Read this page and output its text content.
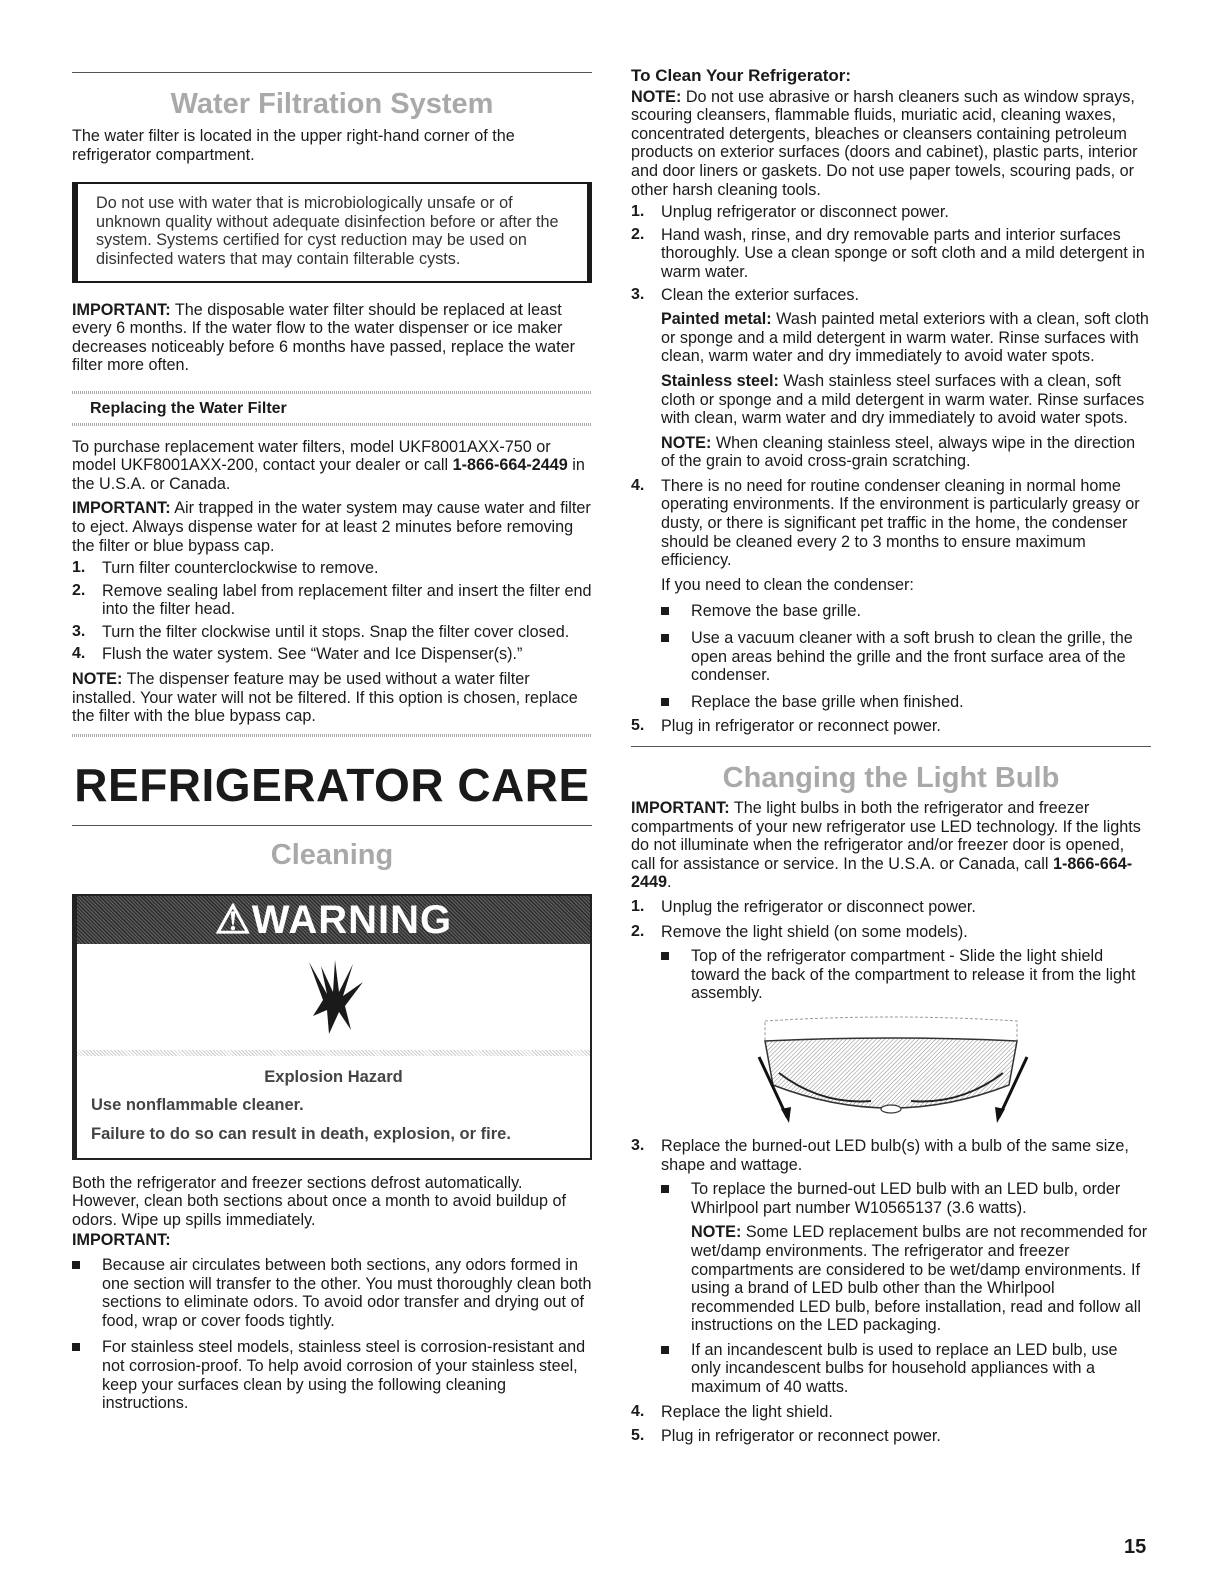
Water Filtration System

The water filter is located in the upper right-hand corner of the refrigerator compartment.

Do not use with water that is microbiologically unsafe or of unknown quality without adequate disinfection before or after the system. Systems certified for cyst reduction may be used on disinfected waters that may contain filterable cysts.

IMPORTANT: The disposable water filter should be replaced at least every 6 months. If the water flow to the water dispenser or ice maker decreases noticeably before 6 months have passed, replace the water filter more often.

Replacing the Water Filter

To purchase replacement water filters, model UKF8001AXX-750 or model UKF8001AXX-200, contact your dealer or call 1-866-664-2449 in the U.S.A. or Canada.

IMPORTANT: Air trapped in the water system may cause water and filter to eject. Always dispense water for at least 2 minutes before removing the filter or blue bypass cap.

1. Turn filter counterclockwise to remove.

2. Remove sealing label from replacement filter and insert the filter end into the filter head.

3. Turn the filter clockwise until it stops. Snap the filter cover closed.

4. Flush the water system. See “Water and Ice Dispenser(s).”

NOTE: The dispenser feature may be used without a water filter installed. Your water will not be filtered. If this option is chosen, replace the filter with the blue bypass cap.

REFRIGERATOR CARE
Cleaning
⚠WARNING

Explosion Hazard

Use nonflammable cleaner.

Failure to do so can result in death, explosion, or fire.

Both the refrigerator and freezer sections defrost automatically. However, clean both sections about once a month to avoid buildup of odors. Wipe up spills immediately.

IMPORTANT:

Because air circulates between both sections, any odors formed in one section will transfer to the other. You must thoroughly clean both sections to eliminate odors. To avoid odor transfer and drying out of food, wrap or cover foods tightly.

For stainless steel models, stainless steel is corrosion-resistant and not corrosion-proof. To help avoid corrosion of your stainless steel, keep your surfaces clean by using the following cleaning instructions.

To Clean Your Refrigerator:

NOTE: Do not use abrasive or harsh cleaners such as window sprays, scouring cleansers, flammable fluids, muriatic acid, cleaning waxes, concentrated detergents, bleaches or cleansers containing petroleum products on exterior surfaces (doors and cabinet), plastic parts, interior and door liners or gaskets. Do not use paper towels, scouring pads, or other harsh cleaning tools.

1. Unplug refrigerator or disconnect power.

2. Hand wash, rinse, and dry removable parts and interior surfaces thoroughly. Use a clean sponge or soft cloth and a mild detergent in warm water.

3. Clean the exterior surfaces.

Painted metal: Wash painted metal exteriors with a clean, soft cloth or sponge and a mild detergent in warm water. Rinse surfaces with clean, warm water and dry immediately to avoid water spots.

Stainless steel: Wash stainless steel surfaces with a clean, soft cloth or sponge and a mild detergent in warm water. Rinse surfaces with clean, warm water and dry immediately to avoid water spots.

NOTE: When cleaning stainless steel, always wipe in the direction of the grain to avoid cross-grain scratching.

4. There is no need for routine condenser cleaning in normal home operating environments. If the environment is particularly greasy or dusty, or there is significant pet traffic in the home, the condenser should be cleaned every 2 to 3 months to ensure maximum efficiency.

If you need to clean the condenser:

Remove the base grille.

Use a vacuum cleaner with a soft brush to clean the grille, the open areas behind the grille and the front surface area of the condenser.

Replace the base grille when finished.

5. Plug in refrigerator or reconnect power.

Changing the Light Bulb

IMPORTANT: The light bulbs in both the refrigerator and freezer compartments of your new refrigerator use LED technology. If the lights do not illuminate when the refrigerator and/or freezer door is opened, call for assistance or service. In the U.S.A. or Canada, call 1-866-664-2449.

1. Unplug the refrigerator or disconnect power.

2. Remove the light shield (on some models).

Top of the refrigerator compartment - Slide the light shield toward the back of the compartment to release it from the light assembly.

3. Replace the burned-out LED bulb(s) with a bulb of the same size, shape and wattage.

To replace the burned-out LED bulb with an LED bulb, order Whirlpool part number W10565137 (3.6 watts).

NOTE: Some LED replacement bulbs are not recommended for wet/damp environments. The refrigerator and freezer compartments are considered to be wet/damp environments. If using a brand of LED bulb other than the Whirlpool recommended LED bulb, before installation, read and follow all instructions on the LED packaging.

If an incandescent bulb is used to replace an LED bulb, use only incandescent bulbs for household appliances with a maximum of 40 watts.

4. Replace the light shield.

5. Plug in refrigerator or reconnect power.

15
